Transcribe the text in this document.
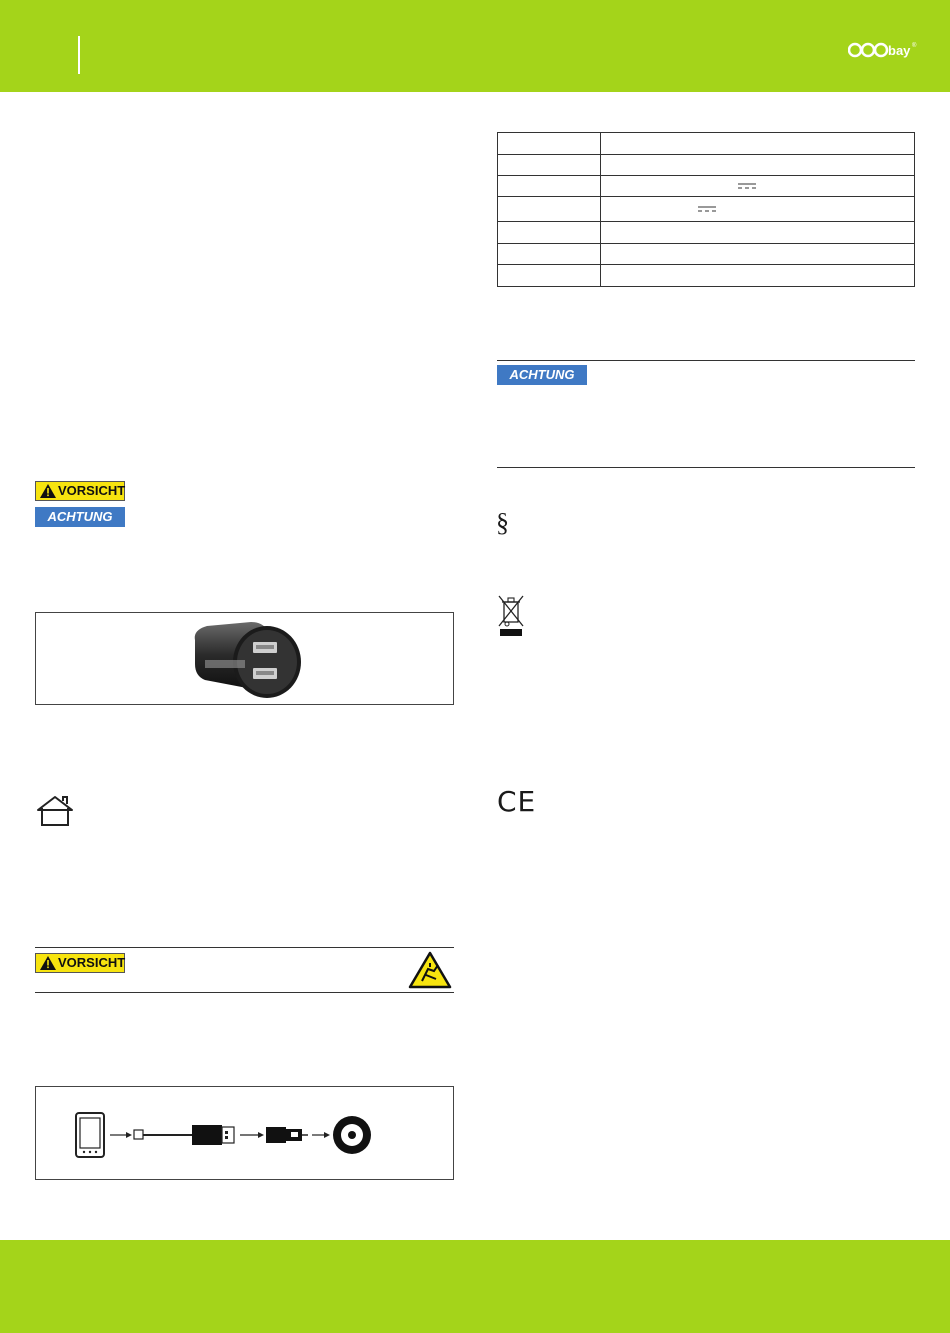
bay ®
VORSICHT
ACHTUNG
VORSICHT

ACHTUNG
§
CE
